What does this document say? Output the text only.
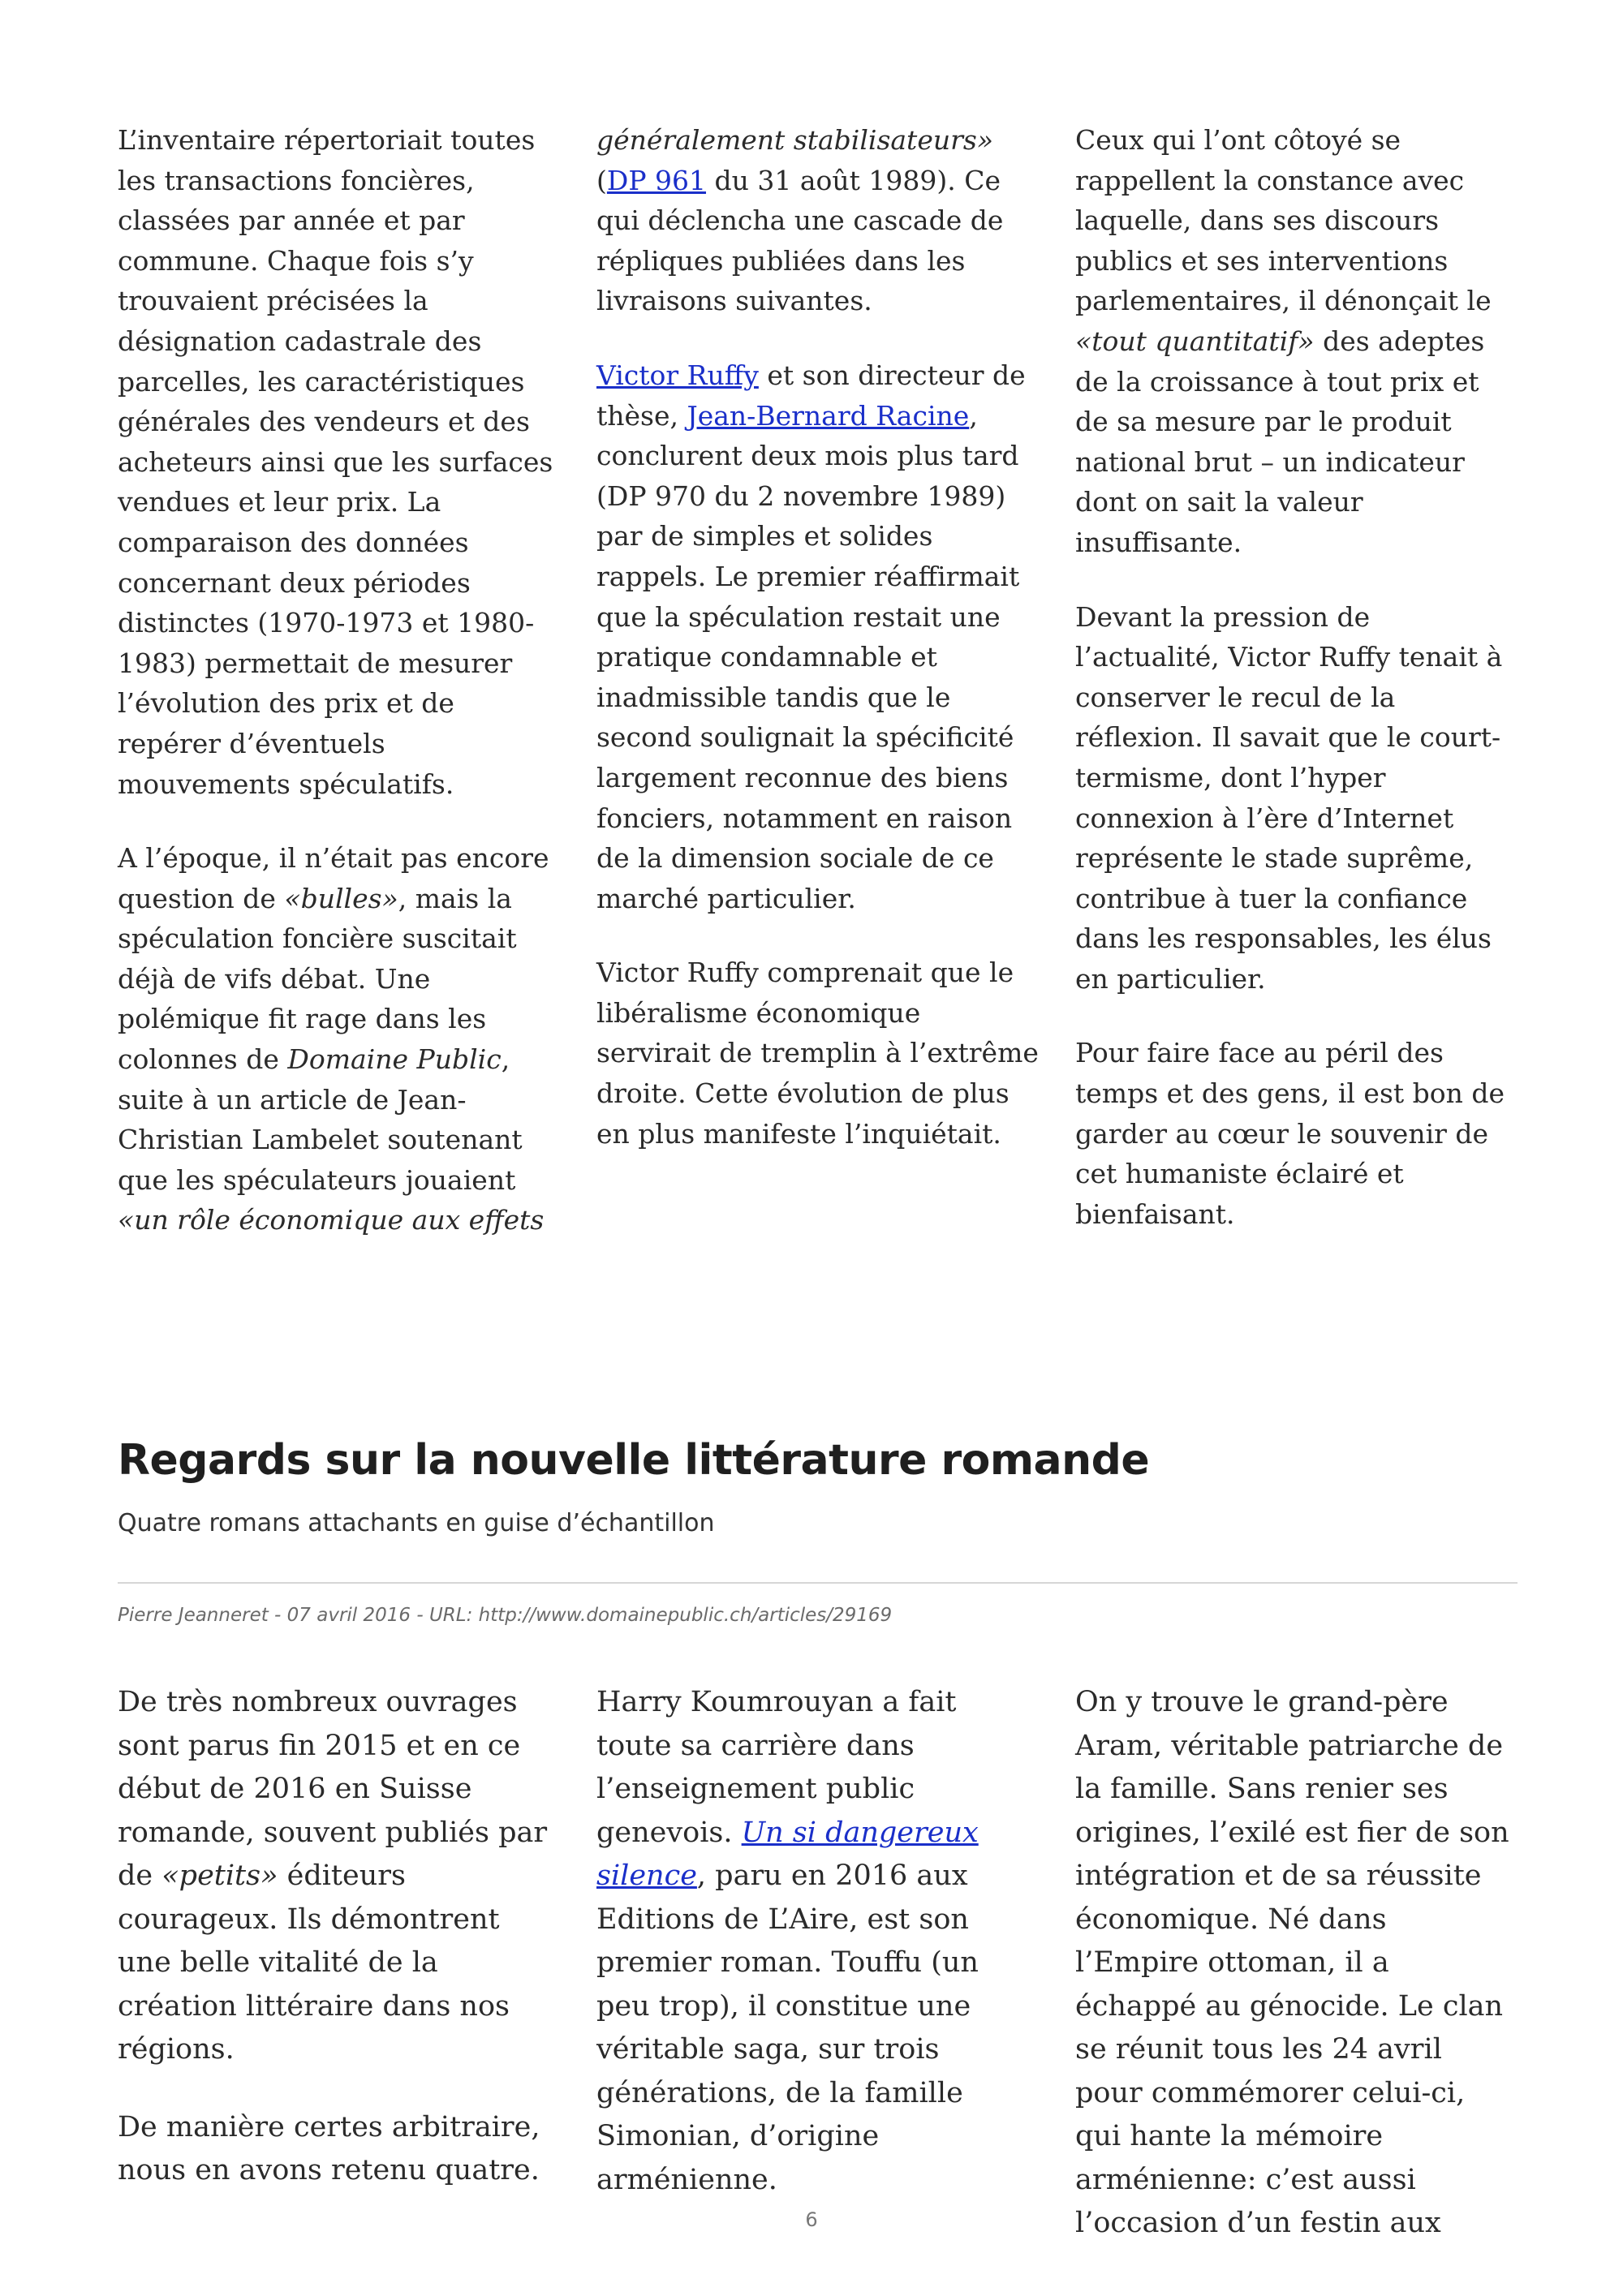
L’inventaire répertoriait toutes les transactions foncières, classées par année et par commune. Chaque fois s’y trouvaient précisées la désignation cadastrale des parcelles, les caractéristiques générales des vendeurs et des acheteurs ainsi que les surfaces vendues et leur prix. La comparaison des données concernant deux périodes distinctes (1970-1973 et 1980-1983) permettait de mesurer l’évolution des prix et de repérer d’éventuels mouvements spéculatifs.

A l’époque, il n’était pas encore question de «bulles», mais la spéculation foncière suscitait déjà de vifs débat. Une polémique fit rage dans les colonnes de Domaine Public, suite à un article de Jean-Christian Lambelet soutenant que les spéculateurs jouaient «un rôle économique aux effets

généralement stabilisateurs» (DP 961 du 31 août 1989). Ce qui déclencha une cascade de répliques publiées dans les livraisons suivantes.

Victor Ruffy et son directeur de thèse, Jean-Bernard Racine, conclurent deux mois plus tard (DP 970 du 2 novembre 1989) par de simples et solides rappels. Le premier réaffirmait que la spéculation restait une pratique condamnable et inadmissible tandis que le second soulignait la spécificité largement reconnue des biens fonciers, notamment en raison de la dimension sociale de ce marché particulier.

Victor Ruffy comprenait que le libéralisme économique servirait de tremplin à l’extrême droite. Cette évolution de plus en plus manifeste l’inquiétait.

Ceux qui l’ont côtoyé se rappellent la constance avec laquelle, dans ses discours publics et ses interventions parlementaires, il dénonçait le «tout quantitatif» des adeptes de la croissance à tout prix et de sa mesure par le produit national brut – un indicateur dont on sait la valeur insuffisante.

Devant la pression de l’actualité, Victor Ruffy tenait à conserver le recul de la réflexion. Il savait que le court-termisme, dont l’hyper connexion à l’ère d’Internet représente le stade suprême, contribue à tuer la confiance dans les responsables, les élus en particulier.

Pour faire face au péril des temps et des gens, il est bon de garder au cœur le souvenir de cet humaniste éclairé et bienfaisant.

Regards sur la nouvelle littérature romande
Quatre romans attachants en guise d’échantillon
Pierre Jeanneret - 07 avril 2016 - URL: http://www.domainepublic.ch/articles/29169

De très nombreux ouvrages sont parus fin 2015 et en ce début de 2016 en Suisse romande, souvent publiés par de «petits» éditeurs courageux. Ils démontrent une belle vitalité de la création littéraire dans nos régions.

De manière certes arbitraire, nous en avons retenu quatre.

Harry Koumrouyan a fait toute sa carrière dans l’enseignement public genevois. Un si dangereux silence, paru en 2016 aux Editions de L’Aire, est son premier roman. Touffu (un peu trop), il constitue une véritable saga, sur trois générations, de la famille Simonian, d’origine arménienne.

On y trouve le grand-père Aram, véritable patriarche de la famille. Sans renier ses origines, l’exilé est fier de son intégration et de sa réussite économique. Né dans l’Empire ottoman, il a échappé au génocide. Le clan se réunit tous les 24 avril pour commémorer celui-ci, qui hante la mémoire arménienne: c’est aussi l’occasion d’un festin aux

6
